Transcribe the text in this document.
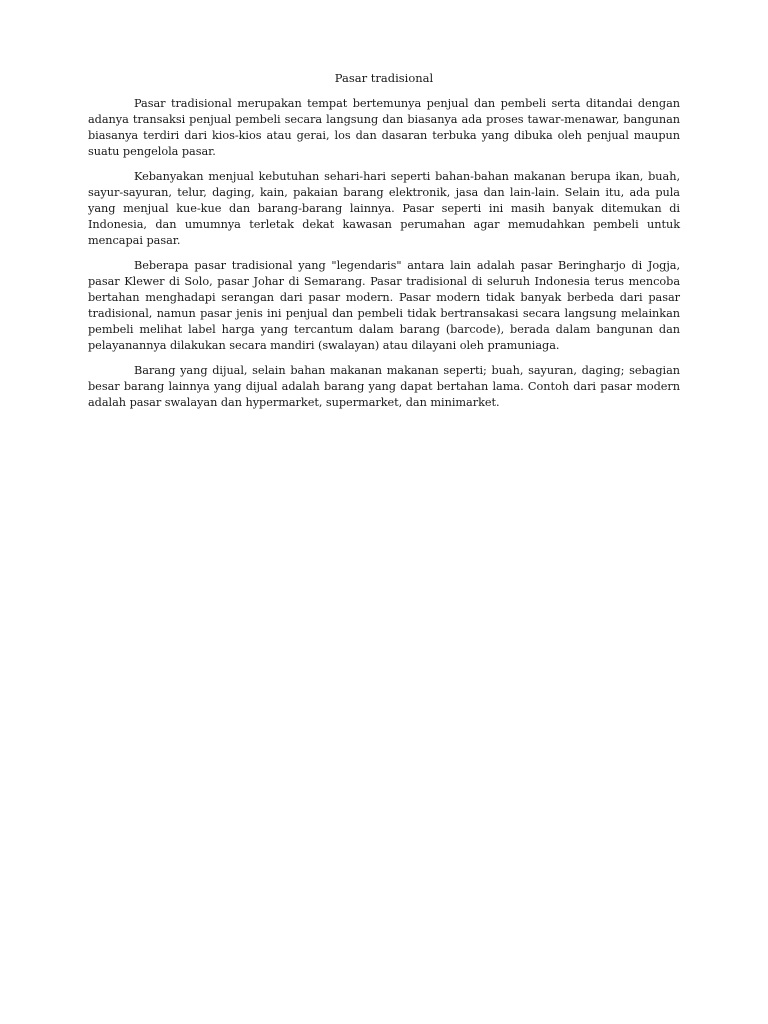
Pasar tradisional

Pasar tradisional merupakan tempat bertemunya penjual dan pembeli serta ditandai dengan adanya transaksi penjual pembeli secara langsung dan biasanya ada proses tawar-menawar, bangunan biasanya terdiri dari kios-kios atau gerai, los dan dasaran terbuka yang dibuka oleh penjual maupun suatu pengelola pasar.

Kebanyakan menjual kebutuhan sehari-hari seperti bahan-bahan makanan berupa ikan, buah, sayur-sayuran, telur, daging, kain, pakaian barang elektronik, jasa dan lain-lain. Selain itu, ada pula yang menjual kue-kue dan barang-barang lainnya. Pasar seperti ini masih banyak ditemukan di Indonesia, dan umumnya terletak dekat kawasan perumahan agar memudahkan pembeli untuk mencapai pasar.

Beberapa pasar tradisional yang "legendaris" antara lain adalah pasar Beringharjo di Jogja, pasar Klewer di Solo, pasar Johar di Semarang. Pasar tradisional di seluruh Indonesia terus mencoba bertahan menghadapi serangan dari pasar modern. Pasar modern tidak banyak berbeda dari pasar tradisional, namun pasar jenis ini penjual dan pembeli tidak bertransakasi secara langsung melainkan pembeli melihat label harga yang tercantum dalam barang (barcode), berada dalam bangunan dan pelayanannya dilakukan secara mandiri (swalayan) atau dilayani oleh pramuniaga.

Barang yang dijual, selain bahan makanan makanan seperti; buah, sayuran, daging; sebagian besar barang lainnya yang dijual adalah barang yang dapat bertahan lama. Contoh dari pasar modern adalah pasar swalayan dan hypermarket, supermarket, dan minimarket.
